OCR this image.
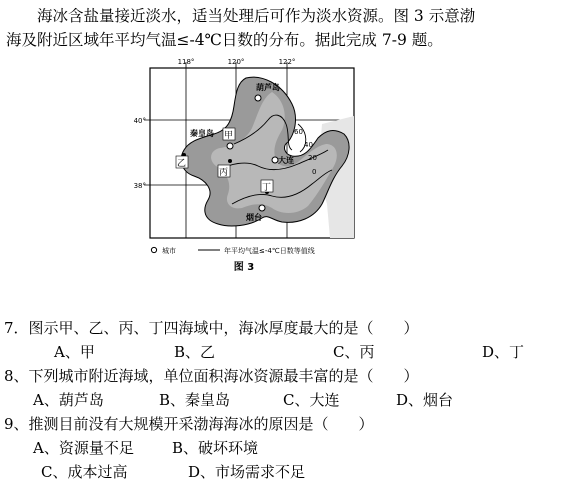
海冰含盐量接近淡水，适当处理后可作为淡水资源。图 3 示意渤
海及附近区域年平均气温≤-4℃日数的分布。据此完成 7-9 题。
118°	120°	122°
40°
38°
葫芦岛
秦皇岛
大连
烟台
甲
乙
丙
丁
60
40
20
0
城市	年平均气温≤-4℃日数等值线
图 3
7．图示甲、乙、丙、丁四海域中，海冰厚度最大的是（　　）
A、甲	B、乙	C、丙	D、丁
8、下列城市附近海域，单位面积海冰资源最丰富的是（　　）
A、葫芦岛	B、秦皇岛	C、大连	D、烟台
9、推测目前没有大规模开采渤海海冰的原因是（　　）
A、资源量不足	B、破坏环境
C、成本过高	D、市场需求不足
